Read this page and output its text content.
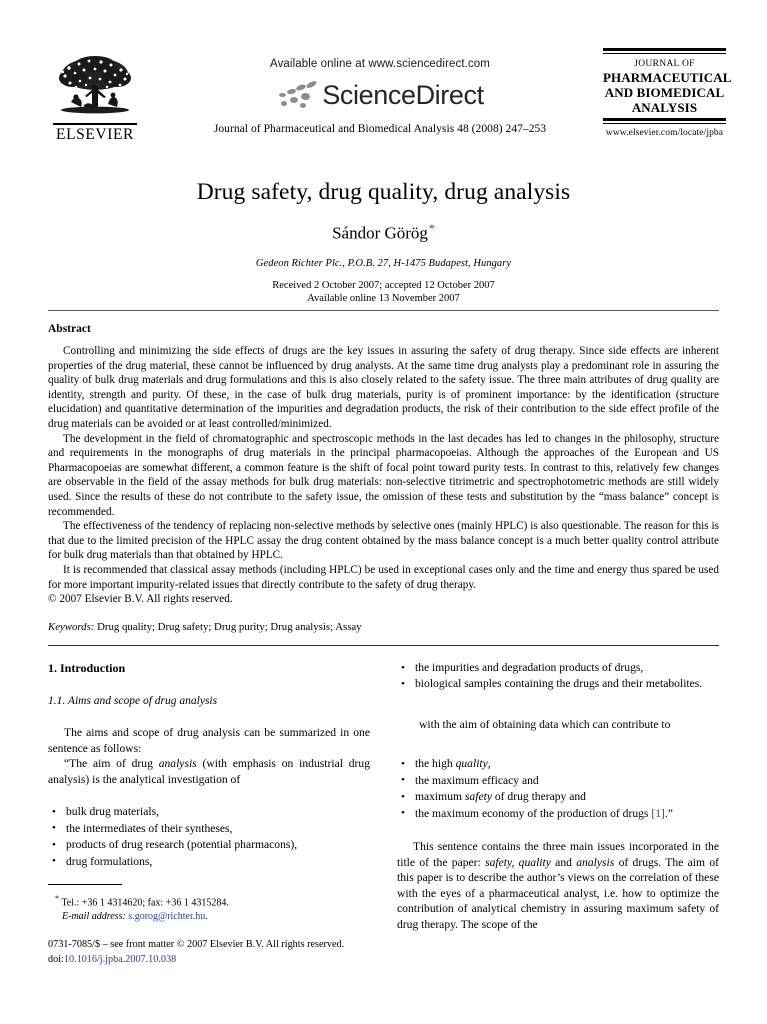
ELSEVIER
Available online at www.sciencedirect.com
ScienceDirect
Journal of Pharmaceutical and Biomedical Analysis 48 (2008) 247–253
JOURNAL OF
PHARMACEUTICAL
AND BIOMEDICAL
ANALYSIS
www.elsevier.com/locate/jpba
Drug safety, drug quality, drug analysis
Sándor Görög*
Gedeon Richter Plc., P.O.B. 27, H-1475 Budapest, Hungary
Received 2 October 2007; accepted 12 October 2007
Available online 13 November 2007
Abstract

Controlling and minimizing the side effects of drugs are the key issues in assuring the safety of drug therapy. Since side effects are inherent properties of the drug material, these cannot be influenced by drug analysts. At the same time drug analysts play a predominant role in assuring the quality of bulk drug materials and drug formulations and this is also closely related to the safety issue. The three main attributes of drug quality are identity, strength and purity. Of these, in the case of bulk drug materials, purity is of prominent importance: by the identification (structure elucidation) and quantitative determination of the impurities and degradation products, the risk of their contribution to the side effect profile of the drug materials can be avoided or at least controlled/minimized.

The development in the field of chromatographic and spectroscopic methods in the last decades has led to changes in the philosophy, structure and requirements in the monographs of drug materials in the principal pharmacopoeias. Although the approaches of the European and US Pharmacopoeias are somewhat different, a common feature is the shift of focal point toward purity tests. In contrast to this, relatively few changes are observable in the field of the assay methods for bulk drug materials: non-selective titrimetric and spectrophotometric methods are still widely used. Since the results of these do not contribute to the safety issue, the omission of these tests and substitution by the “mass balance” concept is recommended.

The effectiveness of the tendency of replacing non-selective methods by selective ones (mainly HPLC) is also questionable. The reason for this is that due to the limited precision of the HPLC assay the drug content obtained by the mass balance concept is a much better quality control attribute for bulk drug materials than that obtained by HPLC.

It is recommended that classical assay methods (including HPLC) be used in exceptional cases only and the time and energy thus spared be used for more important impurity-related issues that directly contribute to the safety of drug therapy.

© 2007 Elsevier B.V. All rights reserved.

Keywords: Drug quality; Drug safety; Drug purity; Drug analysis; Assay
1. Introduction
1.1. Aims and scope of drug analysis

The aims and scope of drug analysis can be summarized in one sentence as follows:

“The aim of drug analysis (with emphasis on industrial drug analysis) is the analytical investigation of

• bulk drug materials,
• the intermediates of their syntheses,
• products of drug research (potential pharmacons),
• drug formulations,
• the impurities and degradation products of drugs,
• biological samples containing the drugs and their metabolites.
with the aim of obtaining data which can contribute to
• the high quality,
• the maximum efficacy and
• maximum safety of drug therapy and
• the maximum economy of the production of drugs [1].”

This sentence contains the three main issues incorporated in the title of the paper: safety, quality and analysis of drugs. The aim of this paper is to describe the author’s views on the correlation of these with the eyes of a pharmaceutical analyst, i.e. how to optimize the contribution of analytical chemistry in assuring maximum safety of drug therapy. The scope of the

* Tel.: +36 1 4314620; fax: +36 1 4315284.
E-mail address: s.gorog@richter.hu.
0731-7085/$ – see front matter © 2007 Elsevier B.V. All rights reserved.
doi:10.1016/j.jpba.2007.10.038
